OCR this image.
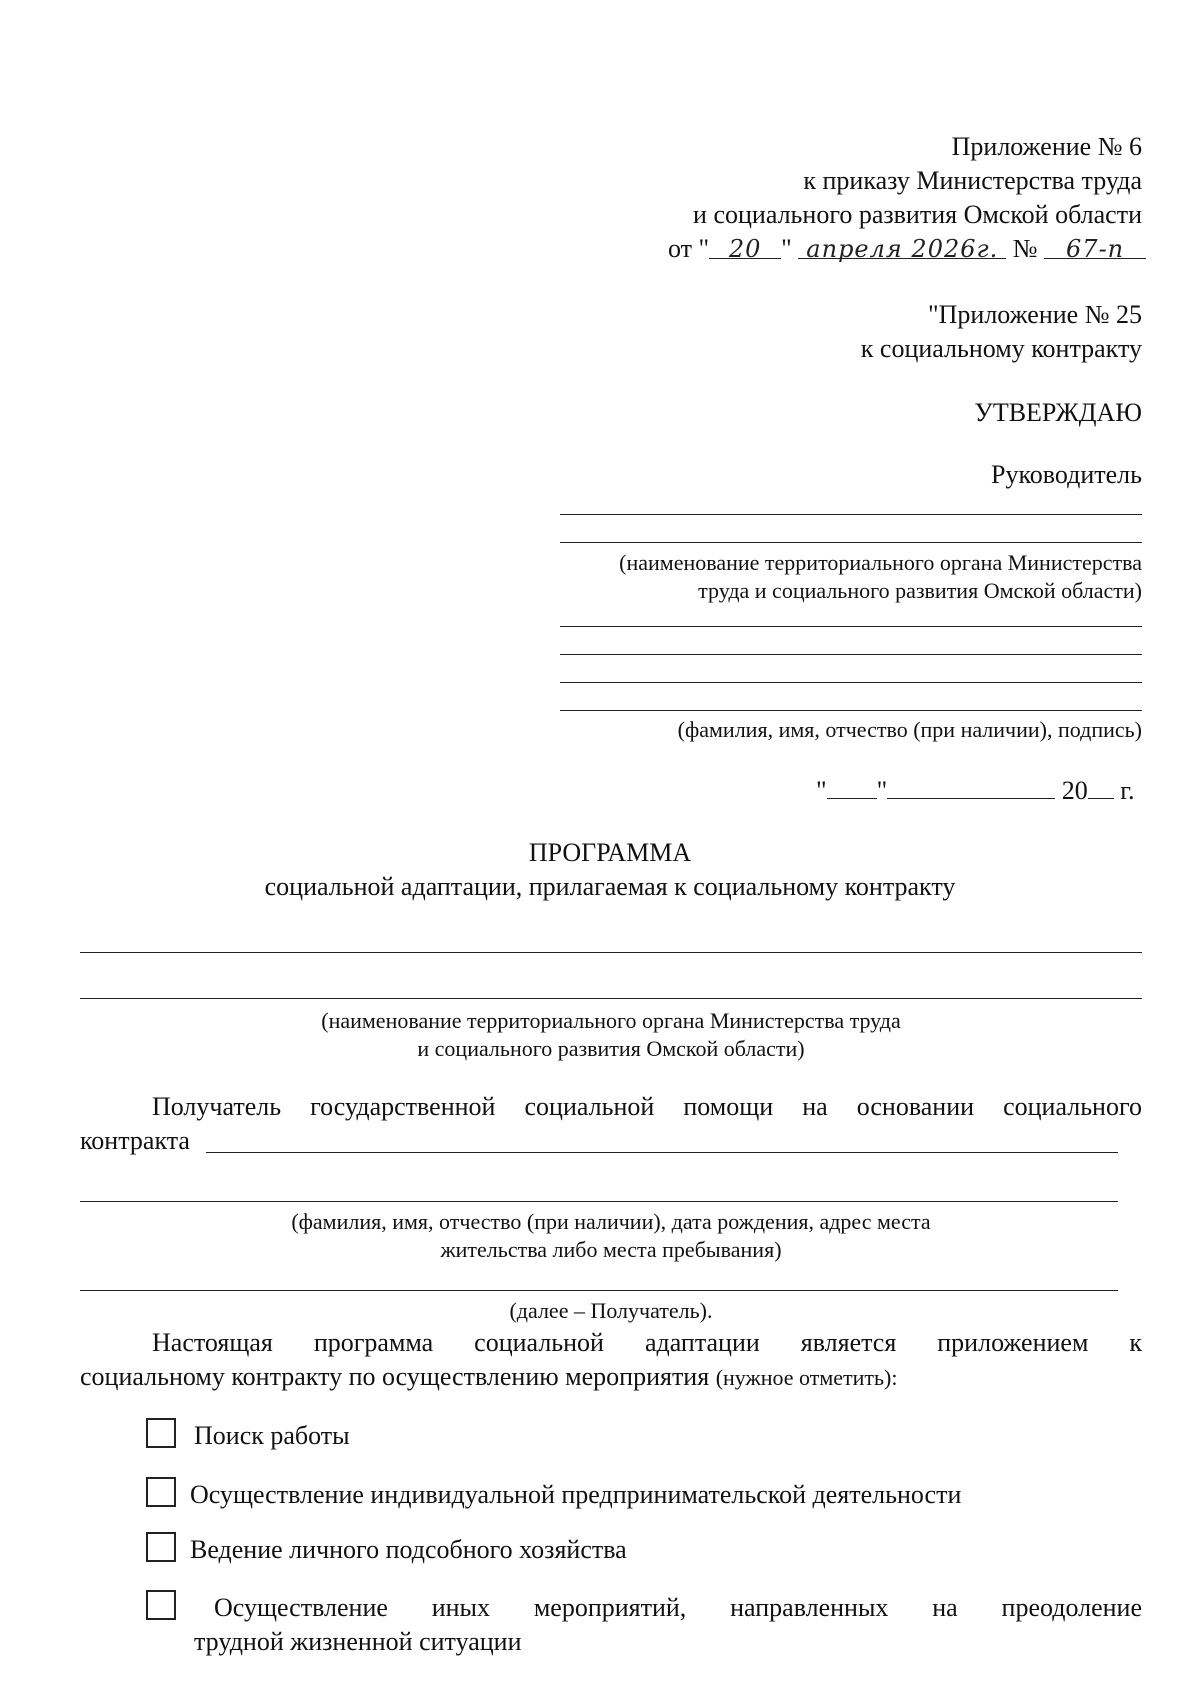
Приложение № 6
к приказу Министерства труда
и социального развития Омской области
от " 20 " апреля 2026г. № 67-п
"Приложение № 25
к социальному контракту
УТВЕРЖДАЮ
Руководитель
(наименование территориального органа Министерства
труда и социального развития Омской области)
(фамилия, имя, отчество (при наличии), подпись)
" "	20 г.
ПРОГРАММА
социальной адаптации, прилагаемая к социальному контракту
(наименование территориального органа Министерства труда
и социального развития Омской области)
Получатель государственной социальной помощи на основании социального
контракта
(фамилия, имя, отчество (при наличии), дата рождения, адрес места
жительства либо места пребывания)
(далее – Получатель).
Настоящая программа социальной адаптации является приложением к
социальному контракту по осуществлению мероприятия (нужное отметить):
Поиск работы
Осуществление индивидуальной предпринимательской деятельности
Ведение личного подсобного хозяйства
Осуществление иных мероприятий, направленных на преодоление
трудной жизненной ситуации
